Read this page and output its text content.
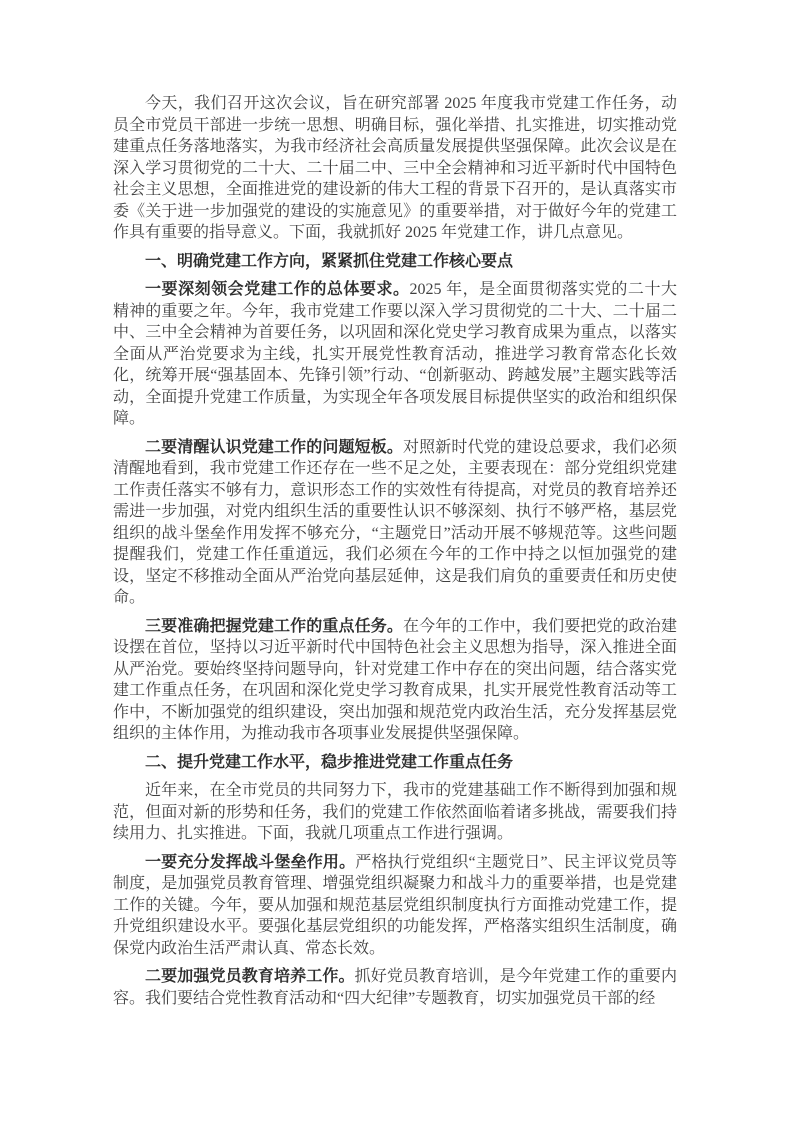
今天，我们召开这次会议，旨在研究部署 2025 年度我市党建工作任务，动员全市党员干部进一步统一思想、明确目标，强化举措、扎实推进，切实推动党建重点任务落地落实，为我市经济社会高质量发展提供坚强保障。此次会议是在深入学习贯彻党的二十大、二十届二中、三中全会精神和习近平新时代中国特色社会主义思想，全面推进党的建设新的伟大工程的背景下召开的，是认真落实市委《关于进一步加强党的建设的实施意见》的重要举措，对于做好今年的党建工作具有重要的指导意义。下面，我就抓好 2025 年党建工作，讲几点意见。

一、明确党建工作方向，紧紧抓住党建工作核心要点

一要深刻领会党建工作的总体要求。2025 年，是全面贯彻落实党的二十大精神的重要之年。今年，我市党建工作要以深入学习贯彻党的二十大、二十届二中、三中全会精神为首要任务，以巩固和深化党史学习教育成果为重点，以落实全面从严治党要求为主线，扎实开展党性教育活动，推进学习教育常态化长效化，统筹开展“强基固本、先锋引领”行动、“创新驱动、跨越发展”主题实践等活动，全面提升党建工作质量，为实现全年各项发展目标提供坚实的政治和组织保障。

二要清醒认识党建工作的问题短板。对照新时代党的建设总要求，我们必须清醒地看到，我市党建工作还存在一些不足之处，主要表现在：部分党组织党建工作责任落实不够有力，意识形态工作的实效性有待提高，对党员的教育培养还需进一步加强，对党内组织生活的重要性认识不够深刻、执行不够严格，基层党组织的战斗堡垒作用发挥不够充分，“主题党日”活动开展不够规范等。这些问题提醒我们，党建工作任重道远，我们必须在今年的工作中持之以恒加强党的建设，坚定不移推动全面从严治党向基层延伸，这是我们肩负的重要责任和历史使命。

三要准确把握党建工作的重点任务。在今年的工作中，我们要把党的政治建设摆在首位，坚持以习近平新时代中国特色社会主义思想为指导，深入推进全面从严治党。要始终坚持问题导向，针对党建工作中存在的突出问题，结合落实党建工作重点任务，在巩固和深化党史学习教育成果，扎实开展党性教育活动等工作中，不断加强党的组织建设，突出加强和规范党内政治生活，充分发挥基层党组织的主体作用，为推动我市各项事业发展提供坚强保障。

二、提升党建工作水平，稳步推进党建工作重点任务

近年来，在全市党员的共同努力下，我市的党建基础工作不断得到加强和规范，但面对新的形势和任务，我们的党建工作依然面临着诸多挑战，需要我们持续用力、扎实推进。下面，我就几项重点工作进行强调。

一要充分发挥战斗堡垒作用。严格执行党组织“主题党日”、民主评议党员等制度，是加强党员教育管理、增强党组织凝聚力和战斗力的重要举措，也是党建工作的关键。今年，要从加强和规范基层党组织制度执行方面推动党建工作，提升党组织建设水平。要强化基层党组织的功能发挥，严格落实组织生活制度，确保党内政治生活严肃认真、常态长效。

二要加强党员教育培养工作。抓好党员教育培训，是今年党建工作的重要内容。我们要结合党性教育活动和“四大纪律”专题教育，切实加强党员干部的经
